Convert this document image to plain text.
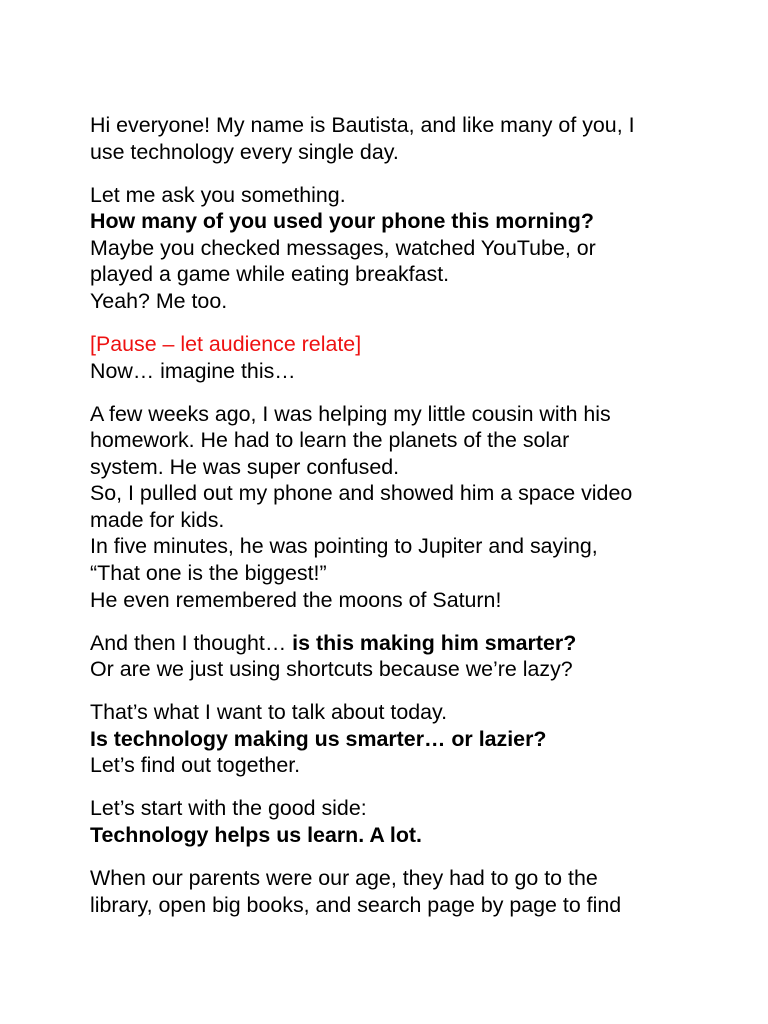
Hi everyone! My name is Bautista, and like many of you, I
use technology every single day.

Let me ask you something.
How many of you used your phone this morning?
Maybe you checked messages, watched YouTube, or
played a game while eating breakfast.
Yeah? Me too.

[Pause – let audience relate]
Now… imagine this…

A few weeks ago, I was helping my little cousin with his
homework. He had to learn the planets of the solar
system. He was super confused.
So, I pulled out my phone and showed him a space video
made for kids.
In five minutes, he was pointing to Jupiter and saying,
“That one is the biggest!”
He even remembered the moons of Saturn!

And then I thought… is this making him smarter?
Or are we just using shortcuts because we’re lazy?

That’s what I want to talk about today.
Is technology making us smarter… or lazier?
Let’s find out together.

Let’s start with the good side:
Technology helps us learn. A lot.

When our parents were our age, they had to go to the
library, open big books, and search page by page to find
